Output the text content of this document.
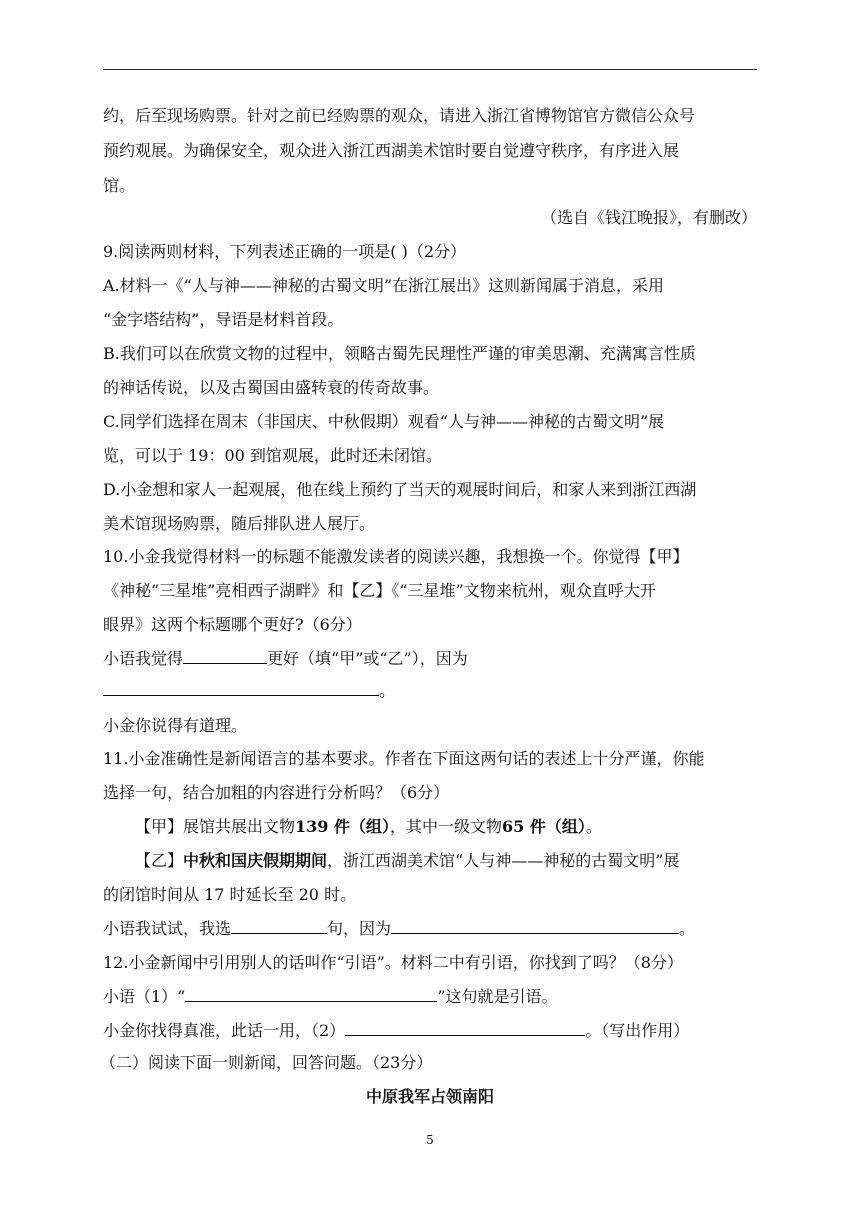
约，后至现场购票。针对之前已经购票的观众，请进入浙江省博物馆官方微信公众号
预约观展。为确保安全，观众进入浙江西湖美术馆时要自觉遵守秩序，有序进入展
馆。
（选自《钱江晚报》，有删改）
9.阅读两则材料，下列表述正确的一项是( )（2分）
A.材料一《“人与神——神秘的古蜀文明”在浙江展出》这则新闻属于消息，采用
“金字塔结构”，导语是材料首段。
B.我们可以在欣赏文物的过程中，领略古蜀先民理性严谨的审美思潮、充满寓言性质
的神话传说，以及古蜀国由盛转衰的传奇故事。
C.同学们选择在周末（非国庆、中秋假期）观看“人与神——神秘的古蜀文明”展
览，可以于 19：00 到馆观展，此时还未闭馆。
D.小金想和家人一起观展，他在线上预约了当天的观展时间后，和家人来到浙江西湖
美术馆现场购票，随后排队进人展厅。
10.小金我觉得材料一的标题不能激发读者的阅读兴趣，我想换一个。你觉得【甲】
《神秘“三星堆”亮相西子湖畔》和【乙】《“三星堆”文物来杭州，观众直呼大开
眼界》这两个标题哪个更好?（6分）
小语我觉得	更好（填“甲”或“乙”），因为
。
小金你说得有道理。
11.小金准确性是新闻语言的基本要求。作者在下面这两句话的表述上十分严谨，你能
选择一句，结合加粗的内容进行分析吗？（6分）
【甲】展馆共展出文物139 件（组），其中一级文物65 件（组）。
【乙】中秋和国庆假期期间，浙江西湖美术馆“人与神——神秘的古蜀文明”展
的闭馆时间从 17 时延长至 20 时。
小语我试试，我选	句，因为	。
12.小金新闻中引用别人的话叫作“引语”。材料二中有引语，你找到了吗？（8分）
小语（1）“	”这句就是引语。
小金你找得真准，此话一用，（2）	。（写出作用）
（二）阅读下面一则新闻，回答问题。（23分）
中原我军占领南阳
5
